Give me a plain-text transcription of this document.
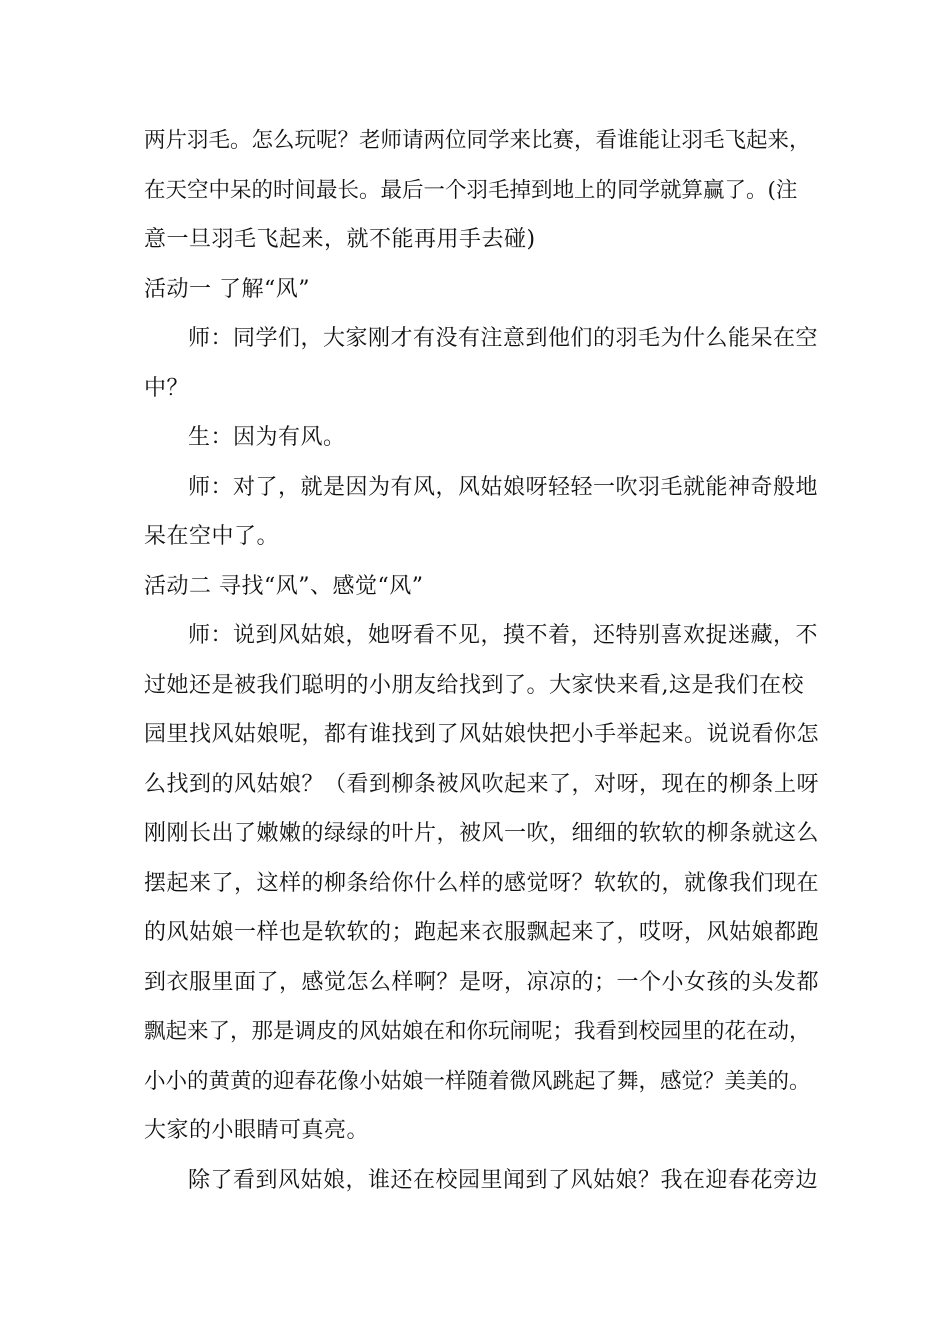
两片羽毛。怎么玩呢？老师请两位同学来比赛，看谁能让羽毛飞起来，
在天空中呆的时间最长。最后一个羽毛掉到地上的同学就算赢了。(注
意一旦羽毛飞起来，就不能再用手去碰)
活动一 了解“风”
师：同学们，大家刚才有没有注意到他们的羽毛为什么能呆在空
中？
生：因为有风。
师：对了，就是因为有风，风姑娘呀轻轻一吹羽毛就能神奇般地
呆在空中了。
活动二 寻找“风”、感觉“风”
师：说到风姑娘，她呀看不见，摸不着，还特别喜欢捉迷藏，不
过她还是被我们聪明的小朋友给找到了。大家快来看,这是我们在校
园里找风姑娘呢，都有谁找到了风姑娘快把小手举起来。说说看你怎
么找到的风姑娘？（看到柳条被风吹起来了，对呀，现在的柳条上呀
刚刚长出了嫩嫩的绿绿的叶片，被风一吹，细细的软软的柳条就这么
摆起来了，这样的柳条给你什么样的感觉呀？软软的，就像我们现在
的风姑娘一样也是软软的；跑起来衣服飘起来了，哎呀，风姑娘都跑
到衣服里面了，感觉怎么样啊？是呀，凉凉的；一个小女孩的头发都
飘起来了，那是调皮的风姑娘在和你玩闹呢；我看到校园里的花在动，
小小的黄黄的迎春花像小姑娘一样随着微风跳起了舞，感觉？美美的。
大家的小眼睛可真亮。
除了看到风姑娘，谁还在校园里闻到了风姑娘？我在迎春花旁边
